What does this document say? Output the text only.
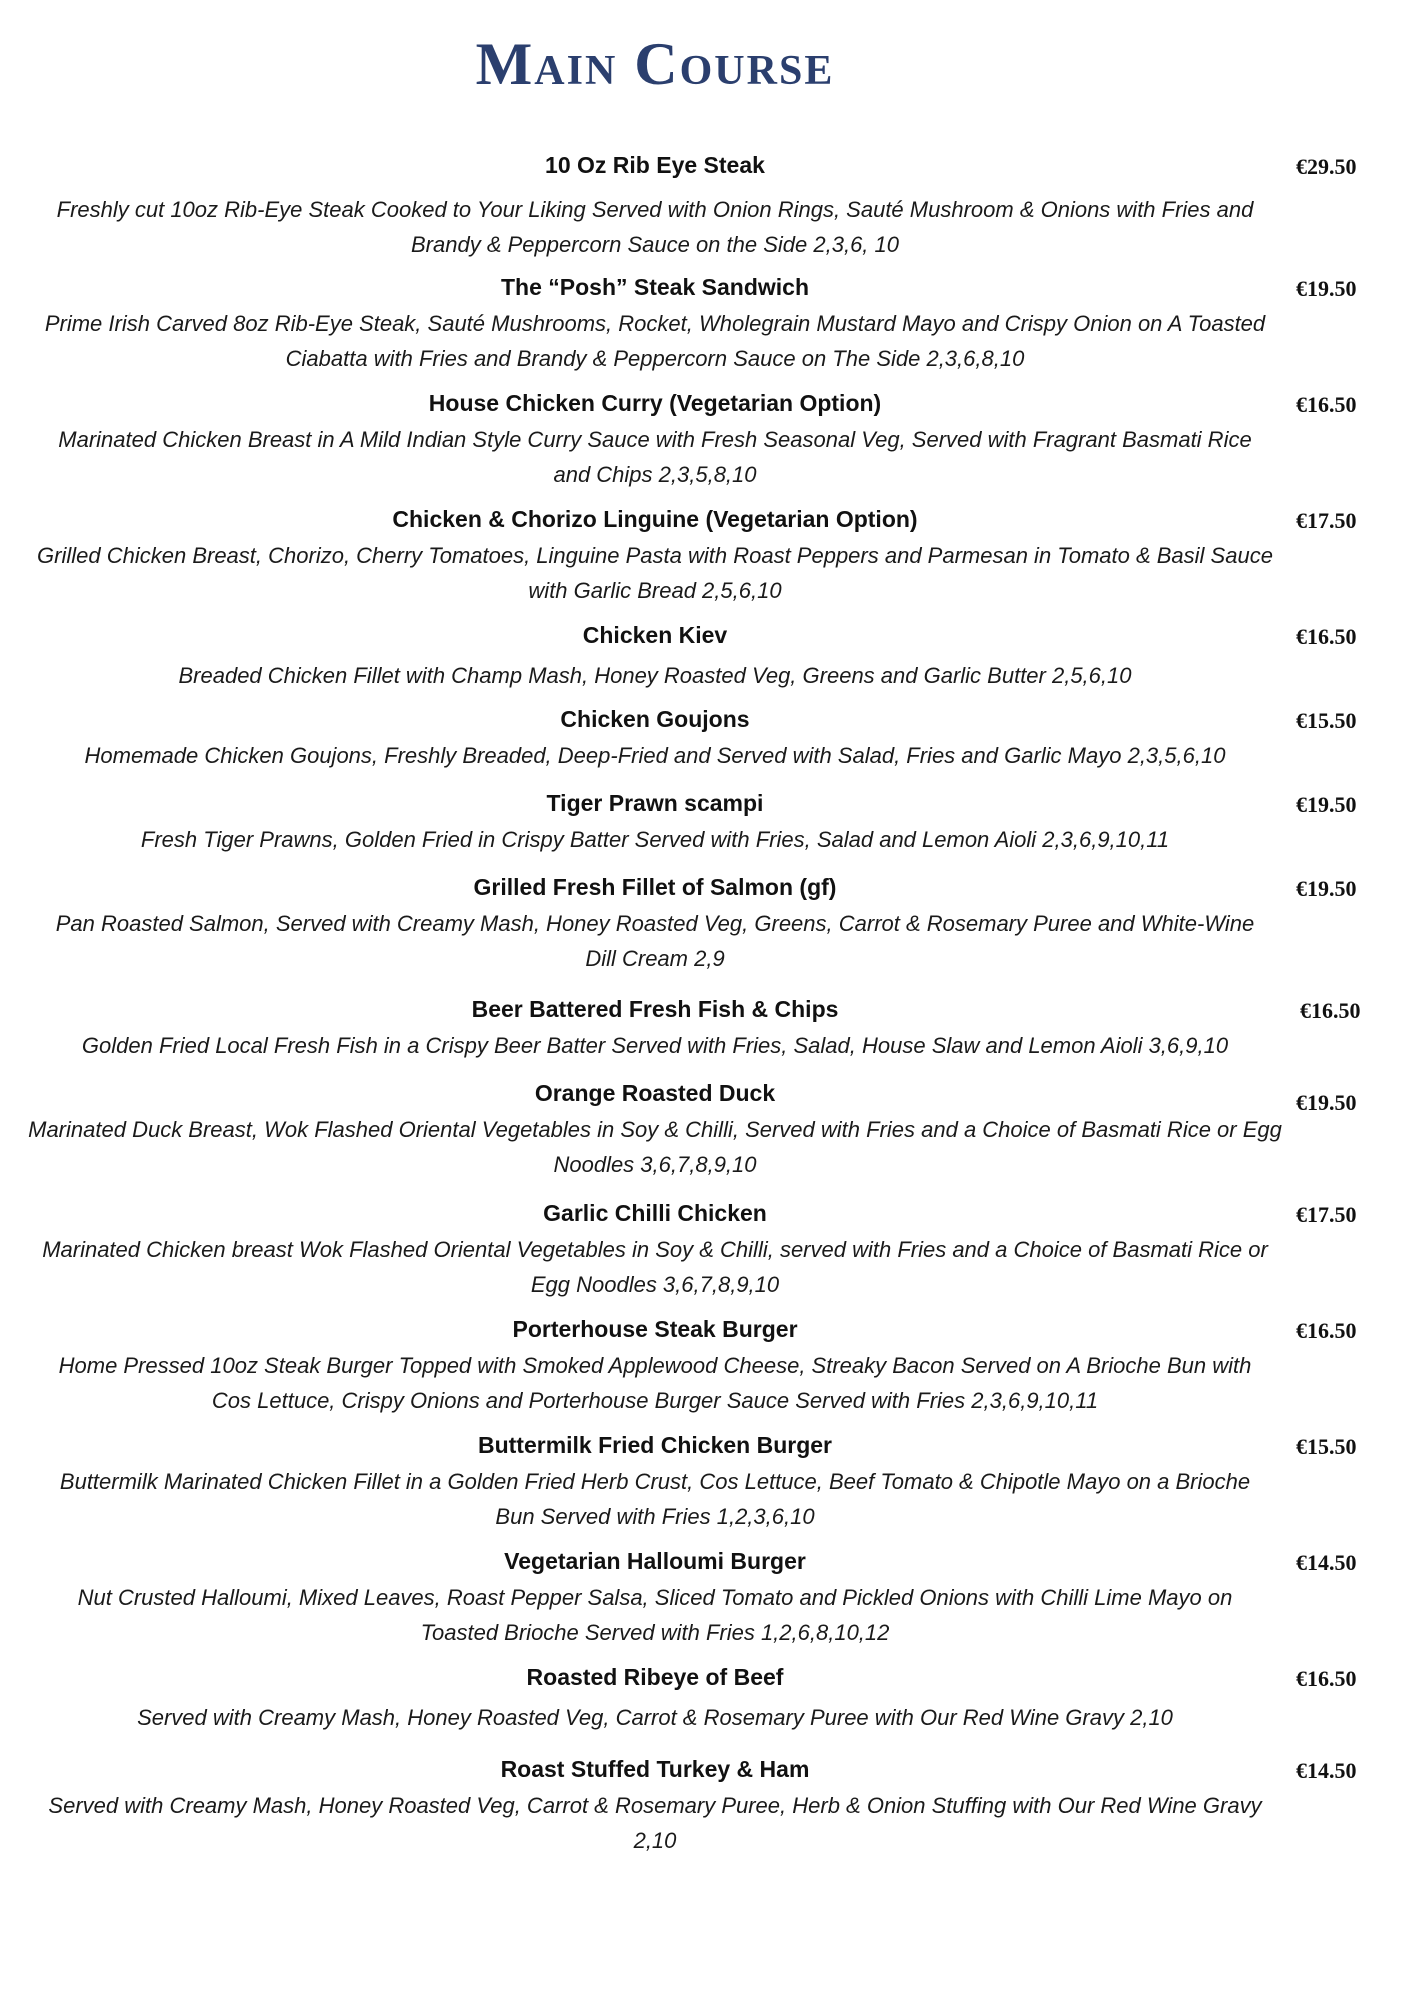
Main Course
10 Oz Rib Eye Steak	€29.50
Freshly cut 10oz Rib-Eye Steak Cooked to Your Liking Served with Onion Rings, Sauté Mushroom & Onions with Fries and Brandy & Peppercorn Sauce on the Side 2,3,6, 10
The “Posh” Steak Sandwich	€19.50
Prime Irish Carved 8oz Rib-Eye Steak, Sauté Mushrooms, Rocket, Wholegrain Mustard Mayo and Crispy Onion on A Toasted Ciabatta with Fries and Brandy & Peppercorn Sauce on The Side 2,3,6,8,10
House Chicken Curry (Vegetarian Option)	€16.50
Marinated Chicken Breast in A Mild Indian Style Curry Sauce with Fresh Seasonal Veg, Served with Fragrant Basmati Rice and Chips 2,3,5,8,10
Chicken & Chorizo Linguine (Vegetarian Option)	€17.50
Grilled Chicken Breast, Chorizo, Cherry Tomatoes, Linguine Pasta with Roast Peppers and Parmesan in Tomato & Basil Sauce with Garlic Bread 2,5,6,10
Chicken Kiev	€16.50
Breaded Chicken Fillet with Champ Mash, Honey Roasted Veg, Greens and Garlic Butter 2,5,6,10
Chicken Goujons	€15.50
Homemade Chicken Goujons, Freshly Breaded, Deep-Fried and Served with Salad, Fries and Garlic Mayo 2,3,5,6,10
Tiger Prawn scampi	€19.50
Fresh Tiger Prawns, Golden Fried in Crispy Batter Served with Fries, Salad and Lemon Aioli 2,3,6,9,10,11
Grilled Fresh Fillet of Salmon (gf)	€19.50
Pan Roasted Salmon, Served with Creamy Mash, Honey Roasted Veg, Greens, Carrot & Rosemary Puree and White-Wine Dill Cream 2,9
Beer Battered Fresh Fish & Chips	€16.50
Golden Fried Local Fresh Fish in a Crispy Beer Batter Served with Fries, Salad, House Slaw and Lemon Aioli 3,6,9,10
Orange Roasted Duck	€19.50
Marinated Duck Breast, Wok Flashed Oriental Vegetables in Soy & Chilli, Served with Fries and a Choice of Basmati Rice or Egg Noodles 3,6,7,8,9,10
Garlic Chilli Chicken	€17.50
Marinated Chicken breast Wok Flashed Oriental Vegetables in Soy & Chilli, served with Fries and a Choice of Basmati Rice or Egg Noodles 3,6,7,8,9,10
Porterhouse Steak Burger	€16.50
Home Pressed 10oz Steak Burger Topped with Smoked Applewood Cheese, Streaky Bacon Served on A Brioche Bun with Cos Lettuce, Crispy Onions and Porterhouse Burger Sauce Served with Fries 2,3,6,9,10,11
Buttermilk Fried Chicken Burger	€15.50
Buttermilk Marinated Chicken Fillet in a Golden Fried Herb Crust, Cos Lettuce, Beef Tomato & Chipotle Mayo on a Brioche Bun Served with Fries 1,2,3,6,10
Vegetarian Halloumi Burger	€14.50
Nut Crusted Halloumi, Mixed Leaves, Roast Pepper Salsa, Sliced Tomato and Pickled Onions with Chilli Lime Mayo on Toasted Brioche Served with Fries 1,2,6,8,10,12
Roasted Ribeye of Beef	€16.50
Served with Creamy Mash, Honey Roasted Veg, Carrot & Rosemary Puree with Our Red Wine Gravy 2,10
Roast Stuffed Turkey & Ham	€14.50
Served with Creamy Mash, Honey Roasted Veg, Carrot & Rosemary Puree, Herb & Onion Stuffing with Our Red Wine Gravy 2,10
